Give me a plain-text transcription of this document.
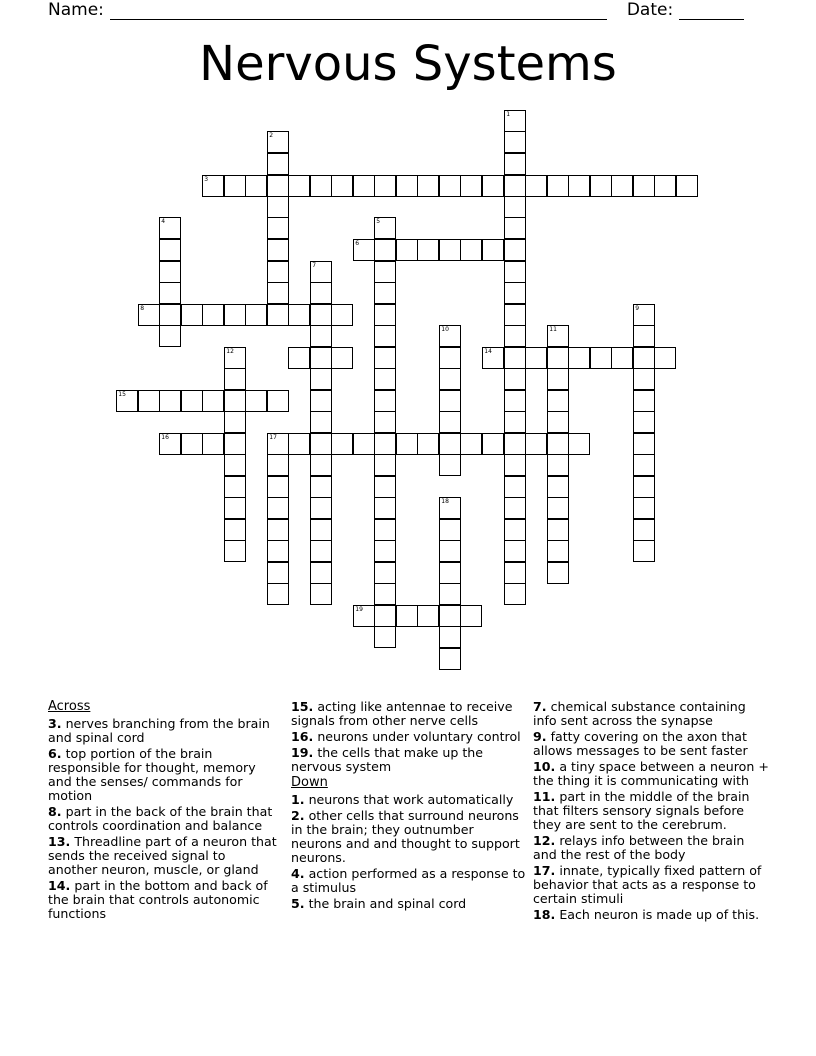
Name:	Date:
Nervous Systems
1
2
3
4	5
6
7
8	9
10	11
12	14
15
16	17
18
19
Across
3. nerves branching from the brain and spinal cord
6. top portion of the brain responsible for thought, memory and the senses/ commands for motion
8. part in the back of the brain that controls coordination and balance
13. Threadline part of a neuron that sends the received signal to another neuron, muscle, or gland
14. part in the bottom and back of the brain that controls autonomic functions
15. acting like antennae to receive signals from other nerve cells
16. neurons under voluntary control
19. the cells that make up the nervous system
Down
1. neurons that work automatically
2. other cells that surround neurons in the brain; they outnumber neurons and and thought to support neurons.
4. action performed as a response to a stimulus
5. the brain and spinal cord
7. chemical substance containing info sent across the synapse
9. fatty covering on the axon that allows messages to be sent faster
10. a tiny space between a neuron + the thing it is communicating with
11. part in the middle of the brain that filters sensory signals before they are sent to the cerebrum.
12. relays info between the brain and the rest of the body
17. innate, typically fixed pattern of behavior that acts as a response to certain stimuli
18. Each neuron is made up of this.
